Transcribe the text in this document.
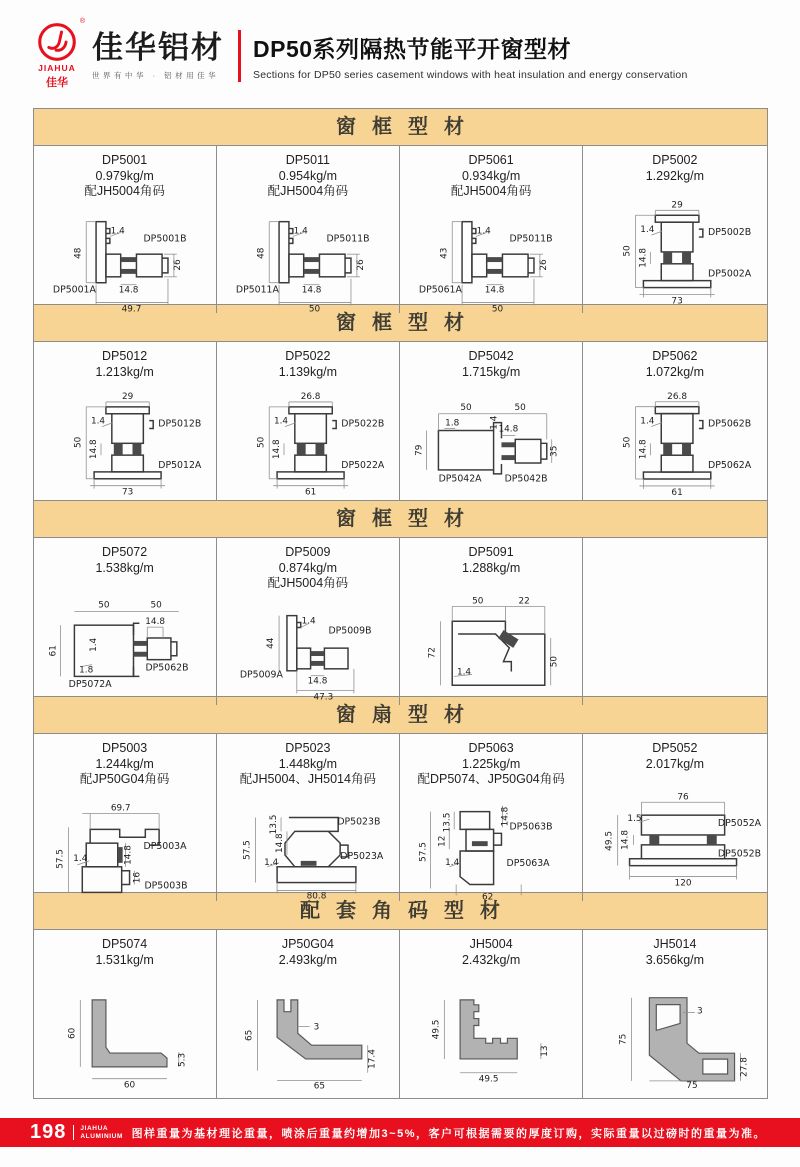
®
JIAHUA
佳华
佳华铝材
世界有中华 · 铝材用佳华
DP50系列隔热节能平开窗型材

Sections for DP50 series casement windows with heat insulation and energy conservation

窗框型材
DP5001
0.979kg/m
配JH5004角码
1.4
48
DP5001B
26
14.8
49.7
DP5001A
DP5011
0.954kg/m
配JH5004角码
1.4
48
DP5011B
26
14.8
50
DP5011A
DP5061
0.934kg/m
配JH5004角码
1.4
43
DP5011B
26
14.8
50
DP5061A
DP5002
1.292kg/m
29
1.4	DP5002B
50 14.8
DP5002A
73
窗框型材
DP5012
1.213kg/m
29
1.4	DP5012B
50 14.8
DP5012A
73
DP5022
1.139kg/m
26.8
1.4	DP5022B
50 14.8
DP5022A
61
DP5042
1.715kg/m
50	50
1.8	1.4
14.8
79	35
DP5042A DP5042B
DP5062
1.072kg/m
26.8
1.4	DP5062B
50 14.8
DP5062A
61
窗框型材
DP5072
1.538kg/m
50	50
14.8
61	1.4
1.8	DP5062B
DP5072A
DP5009
0.874kg/m
配JH5004角码
1.4
DP5009B
44
DP5009A
14.8
47.3
DP5091
1.288kg/m
50	22
72
50
1.4
窗扇型材
DP5003
1.244kg/m
配JP50G04角码
69.7
57.5 1.4	14.8 DP5003A
16
DP5003B
DP5023
1.448kg/m
配JH5004、JH5014角码
13.5
14.8
57.5
DP5023B
1.4
DP5023A
80.8
DP5063
1.225kg/m
配DP5074、JP50G04角码
14.8
13.5
12
57.5
1.4
DP5063B
DP5063A
62
DP5052
2.017kg/m
76
1.5
49.5 14.8
DP5052A
DP5052B
120
配套角码型材
DP5074
1.531kg/m
60
5.3
60
JP50G04
2.493kg/m
65
3
17.4
65
JH5004
2.432kg/m
49.5
13
49.5
JH5014
3.656kg/m
75
3
27.8
75
198 JIAHUA
ALUMINIUM 图样重量为基材理论重量，喷涂后重量约增加3~5%，客户可根据需要的厚度订购，实际重量以过磅时的重量为准。
